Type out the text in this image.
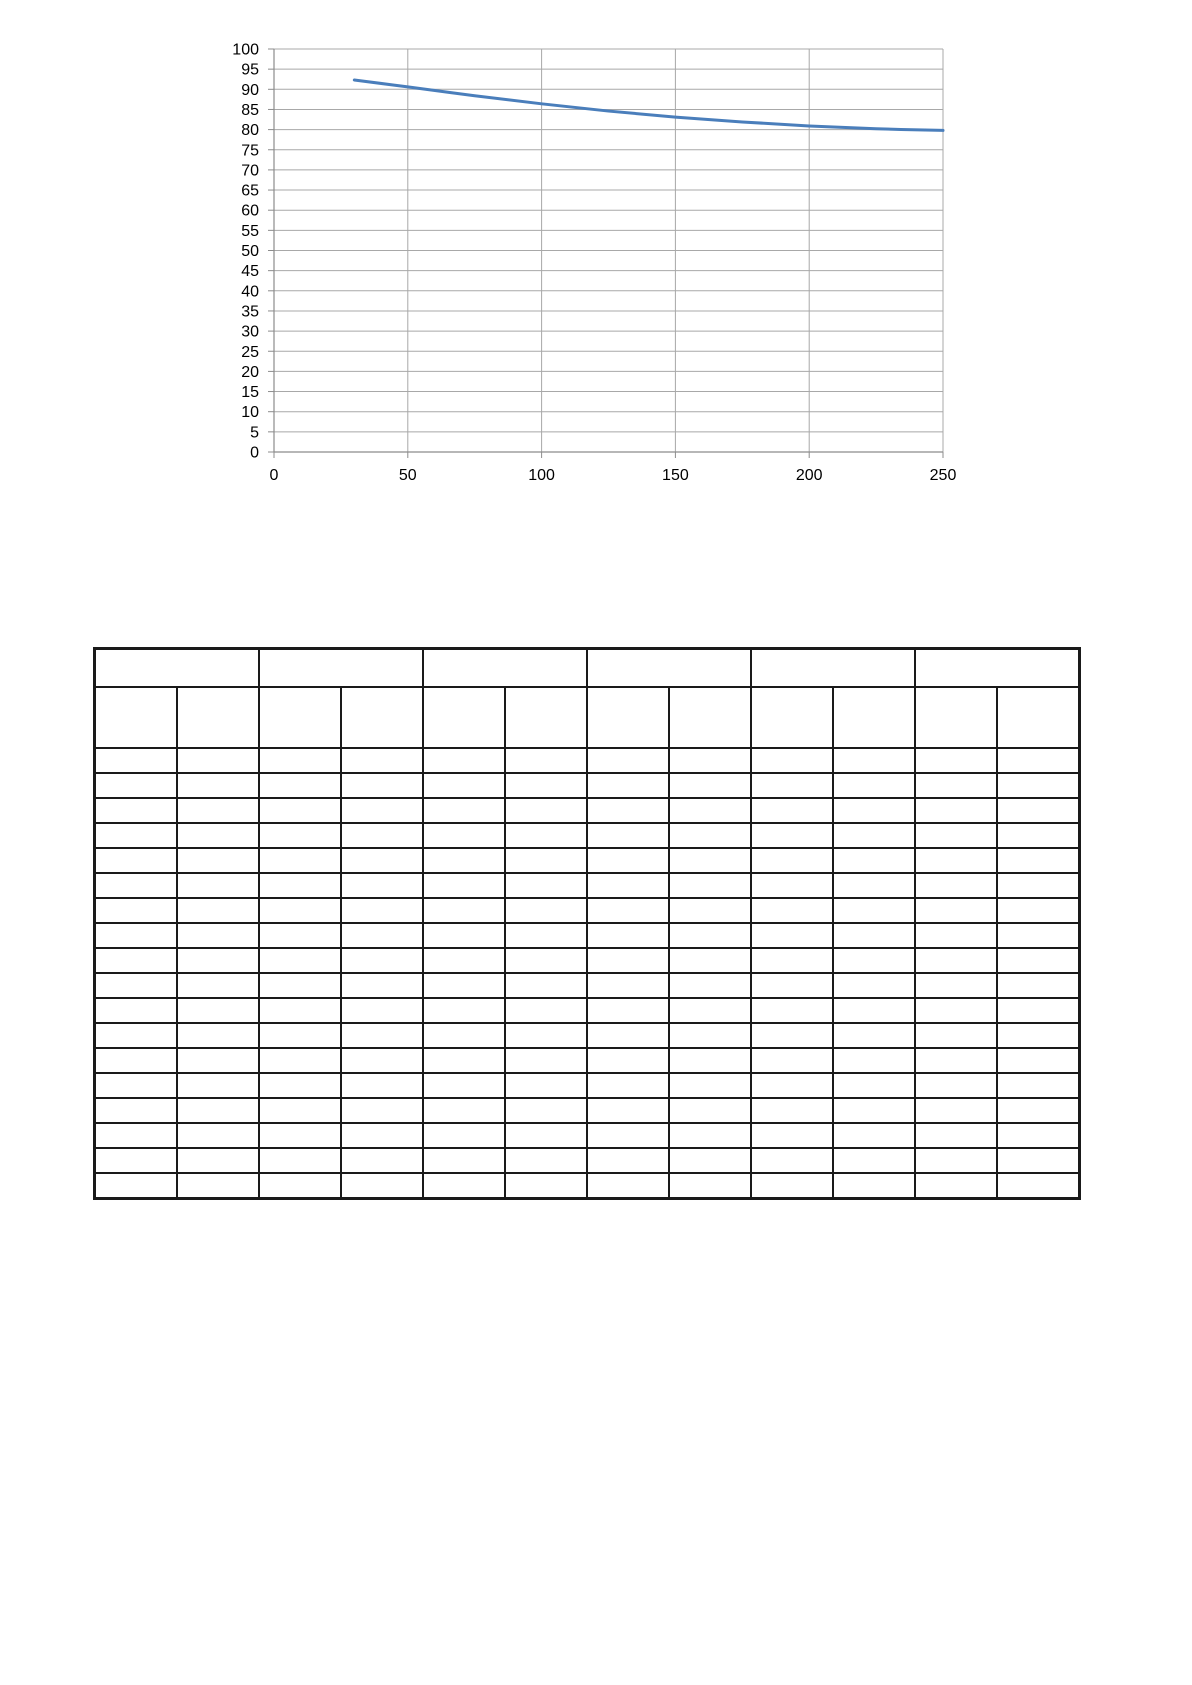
0
5
10
15
20
25
30
35
40
45
50
55
60
65
70
75
80
85
90
95
100
0	50	100	150	200	250
